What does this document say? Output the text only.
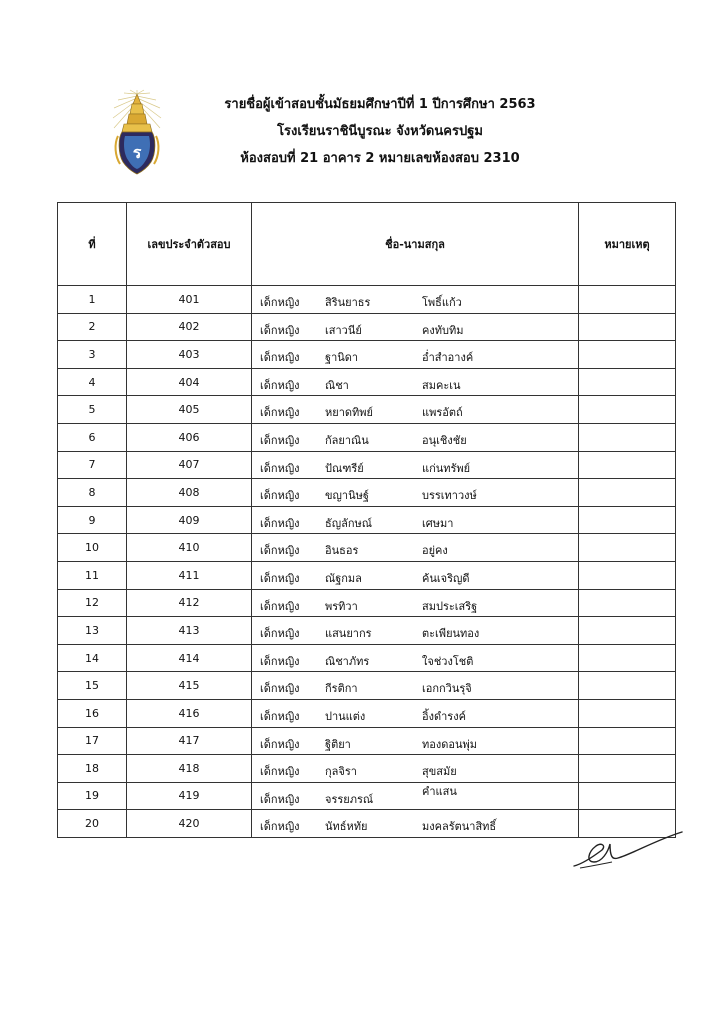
ร
รายชื่อผู้เข้าสอบชั้นมัธยมศึกษาปีที่ 1 ปีการศึกษา 2563
โรงเรียนราชินีบูรณะ จังหวัดนครปฐม
ห้องสอบที่ 21 อาคาร 2 หมายเลขห้องสอบ 2310
ที่	เลขประจำตัวสอบ	ชื่อ-นามสกุล	หมายเหตุ
1	401	เด็กหญิง สิรินยาธร โพธิ์แก้ว	

2	402	เด็กหญิง เสาวนีย์ คงทับทิม	

3	403	เด็กหญิง ฐานิดา อ่ำสำอางค์	

4	404	เด็กหญิง ณิชา สมคะเน	

5	405	เด็กหญิง หยาดทิพย์ แพรอัตถ์	

6	406	เด็กหญิง กัลยาณิน อนุเชิงชัย	

7	407	เด็กหญิง ปัณฑรีย์ แก่นทรัพย์	

8	408	เด็กหญิง ขญานิษฐ์ บรรเทาวงษ์	

9	409	เด็กหญิง ธัญลักษณ์ เศษมา	

10	410	เด็กหญิง อินธอร อยู่คง	

11	411	เด็กหญิง ณัฐกมล ค้นเจริญดี	

12	412	เด็กหญิง พรทิวา สมประเสริฐ	

13	413	เด็กหญิง แสนยากร ตะเพียนทอง	

14	414	เด็กหญิง ณิชาภัทร ใจช่วงโชติ	

15	415	เด็กหญิง กีรติกา เอกกวินรุจิ	

16	416	เด็กหญิง ปานแต่ง อิ้งดำรงค์	

17	417	เด็กหญิง ฐิติยา ทองดอนพุ่ม	

18	418	เด็กหญิง กุลจิรา สุขสมัย	

19	419	เด็กหญิง จรรยภรณ์
คำแสน	

20	420	เด็กหญิง นัทธ์หทัย มงคลรัตนาสิทธิ์	
